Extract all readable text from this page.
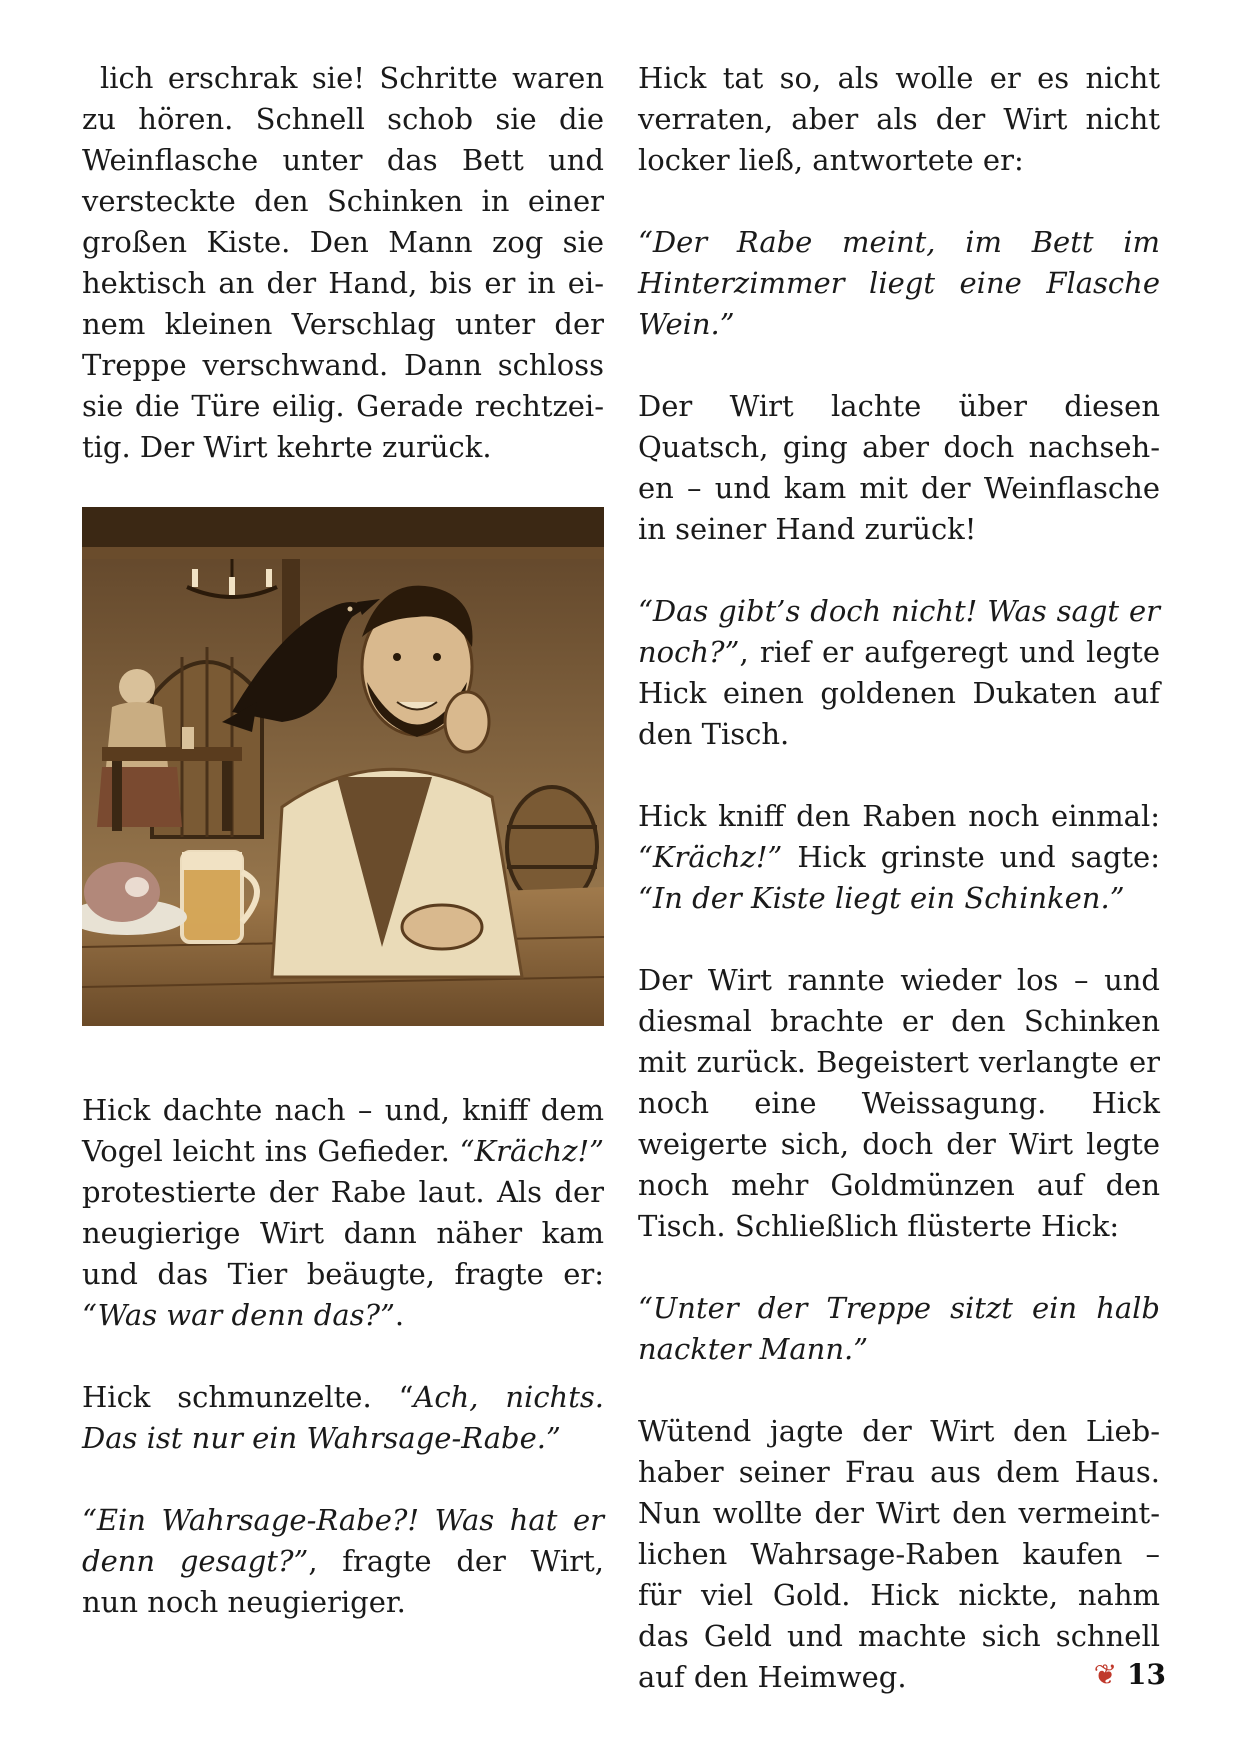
lich erschrak sie! Schritte waren zu hören. Schnell schob sie die Weinflasche unter das Bett und versteckte den Schinken in einer großen Kiste. Den Mann zog sie hektisch an der Hand, bis er in einem kleinen Verschlag unter der Treppe verschwand. Dann schloss sie die Türe eilig. Gerade rechtzeitig. Der Wirt kehrte zurück.

Hick dachte nach – und, kniff dem Vogel leicht ins Gefieder. “Krächz!” protestierte der Rabe laut. Als der neugierige Wirt dann näher kam und das Tier beäugte, fragte er: “Was war denn das?”.

Hick schmunzelte. “Ach, nichts. Das ist nur ein Wahrsage-Rabe.”

“Ein Wahrsage-Rabe?! Was hat er denn gesagt?”, fragte der Wirt, nun noch neugieriger.

Hick tat so, als wolle er es nicht verraten, aber als der Wirt nicht locker ließ, antwortete er:

“Der Rabe meint, im Bett im Hinterzimmer liegt eine Flasche Wein.”

Der Wirt lachte über diesen Quatsch, ging aber doch nachsehen – und kam mit der Weinflasche in seiner Hand zurück!

“Das gibt’s doch nicht! Was sagt er noch?”, rief er aufgeregt und legte Hick einen goldenen Dukaten auf den Tisch.

Hick kniff den Raben noch einmal: “Krächz!” Hick grinste und sagte: “In der Kiste liegt ein Schinken.”

Der Wirt rannte wieder los – und diesmal brachte er den Schinken mit zurück. Begeistert verlangte er noch eine Weissagung. Hick weigerte sich, doch der Wirt legte noch mehr Goldmünzen auf den Tisch. Schließlich flüsterte Hick:

“Unter der Treppe sitzt ein halb nackter Mann.”

Wütend jagte der Wirt den Liebhaber seiner Frau aus dem Haus. Nun wollte der Wirt den vermeintlichen Wahrsage-Raben kaufen – für viel Gold. Hick nickte, nahm das Geld und machte sich schnell auf den Heimweg.	❦ 13
